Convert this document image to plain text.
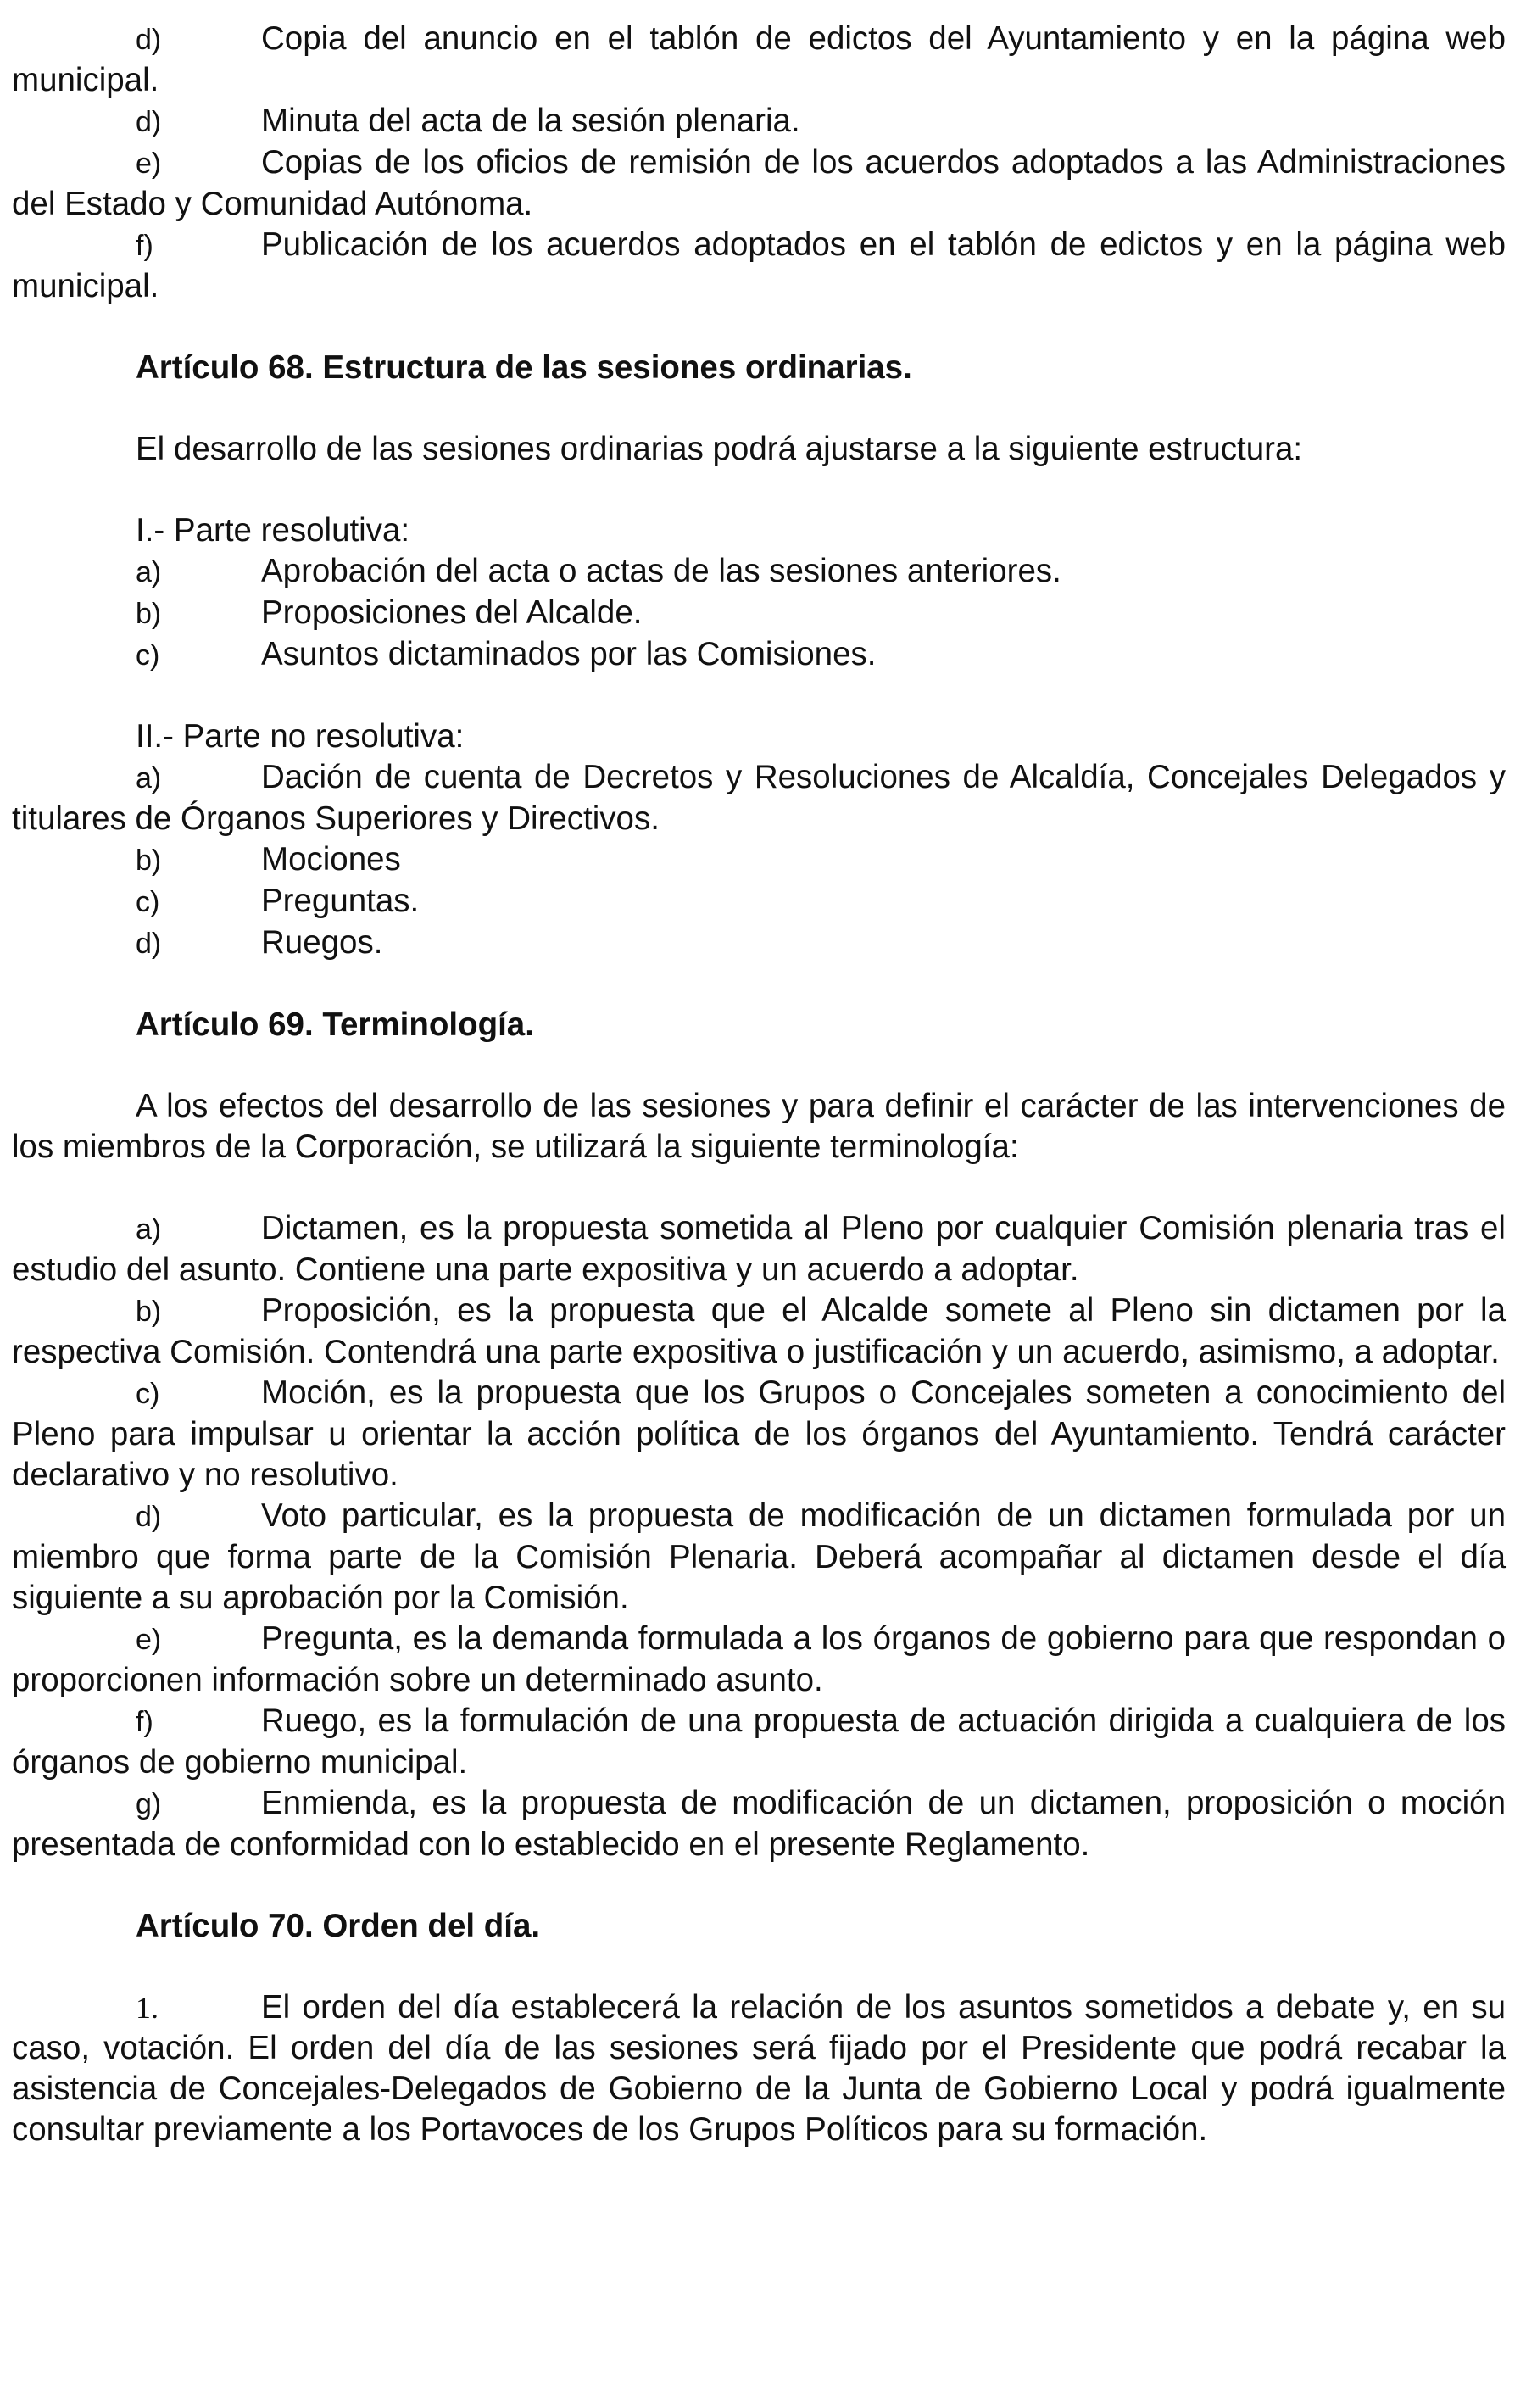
d)	Copia del anuncio en el tablón de edictos del Ayuntamiento y en la página web municipal.

d)	Minuta del acta de la sesión plenaria.

e)	Copias de los oficios de remisión de los acuerdos adoptados a las Administraciones del Estado y Comunidad Autónoma.

f)	Publicación de los acuerdos adoptados en el tablón de edictos y en la página web municipal.

Artículo 68. Estructura de las sesiones ordinarias.

El desarrollo de las sesiones ordinarias podrá ajustarse a la siguiente estructura:

I.- Parte resolutiva:

a)	Aprobación del acta o actas de las sesiones anteriores.

b)	Proposiciones del Alcalde.

c)	Asuntos dictaminados por las Comisiones.

II.- Parte no resolutiva:

a)	Dación de cuenta de Decretos y Resoluciones de Alcaldía, Concejales Delegados y titulares de Órganos Superiores y Directivos.

b)	Mociones

c)	Preguntas.

d)	Ruegos.

Artículo 69. Terminología.

A los efectos del desarrollo de las sesiones y para definir el carácter de las intervenciones de los miembros de la Corporación, se utilizará la siguiente terminología:

a)	Dictamen, es la propuesta sometida al Pleno por cualquier Comisión plenaria tras el estudio del asunto. Contiene una parte expositiva y un acuerdo a adoptar.

b)	Proposición, es la propuesta que el Alcalde somete al Pleno sin dictamen por la respectiva Comisión. Contendrá una parte expositiva o justificación y un acuerdo, asimismo, a adoptar.

c)	Moción, es la propuesta que los Grupos o Concejales someten a conocimiento del Pleno para impulsar u orientar la acción política de los órganos del Ayuntamiento. Tendrá carácter declarativo y no resolutivo.

d)	Voto particular, es la propuesta de modificación de un dictamen formulada por un miembro que forma parte de la Comisión Plenaria. Deberá acompañar al dictamen desde el día siguiente a su aprobación por la Comisión.

e)	Pregunta, es la demanda formulada a los órganos de gobierno para que respondan o proporcionen información sobre un determinado asunto.

f)	Ruego, es la formulación de una propuesta de actuación dirigida a cualquiera de los órganos de gobierno municipal.

g)	Enmienda, es la propuesta de modificación de un dictamen, proposición o moción presentada de conformidad con lo establecido en el presente Reglamento.

Artículo 70. Orden del día.

1.	El orden del día establecerá la relación de los asuntos sometidos a debate y, en su caso, votación. El orden del día de las sesiones será fijado por el Presidente que podrá recabar la asistencia de Concejales-Delegados de Gobierno de la Junta de Gobierno Local y podrá igualmente consultar previamente a los Portavoces de los Grupos Políticos para su formación.
